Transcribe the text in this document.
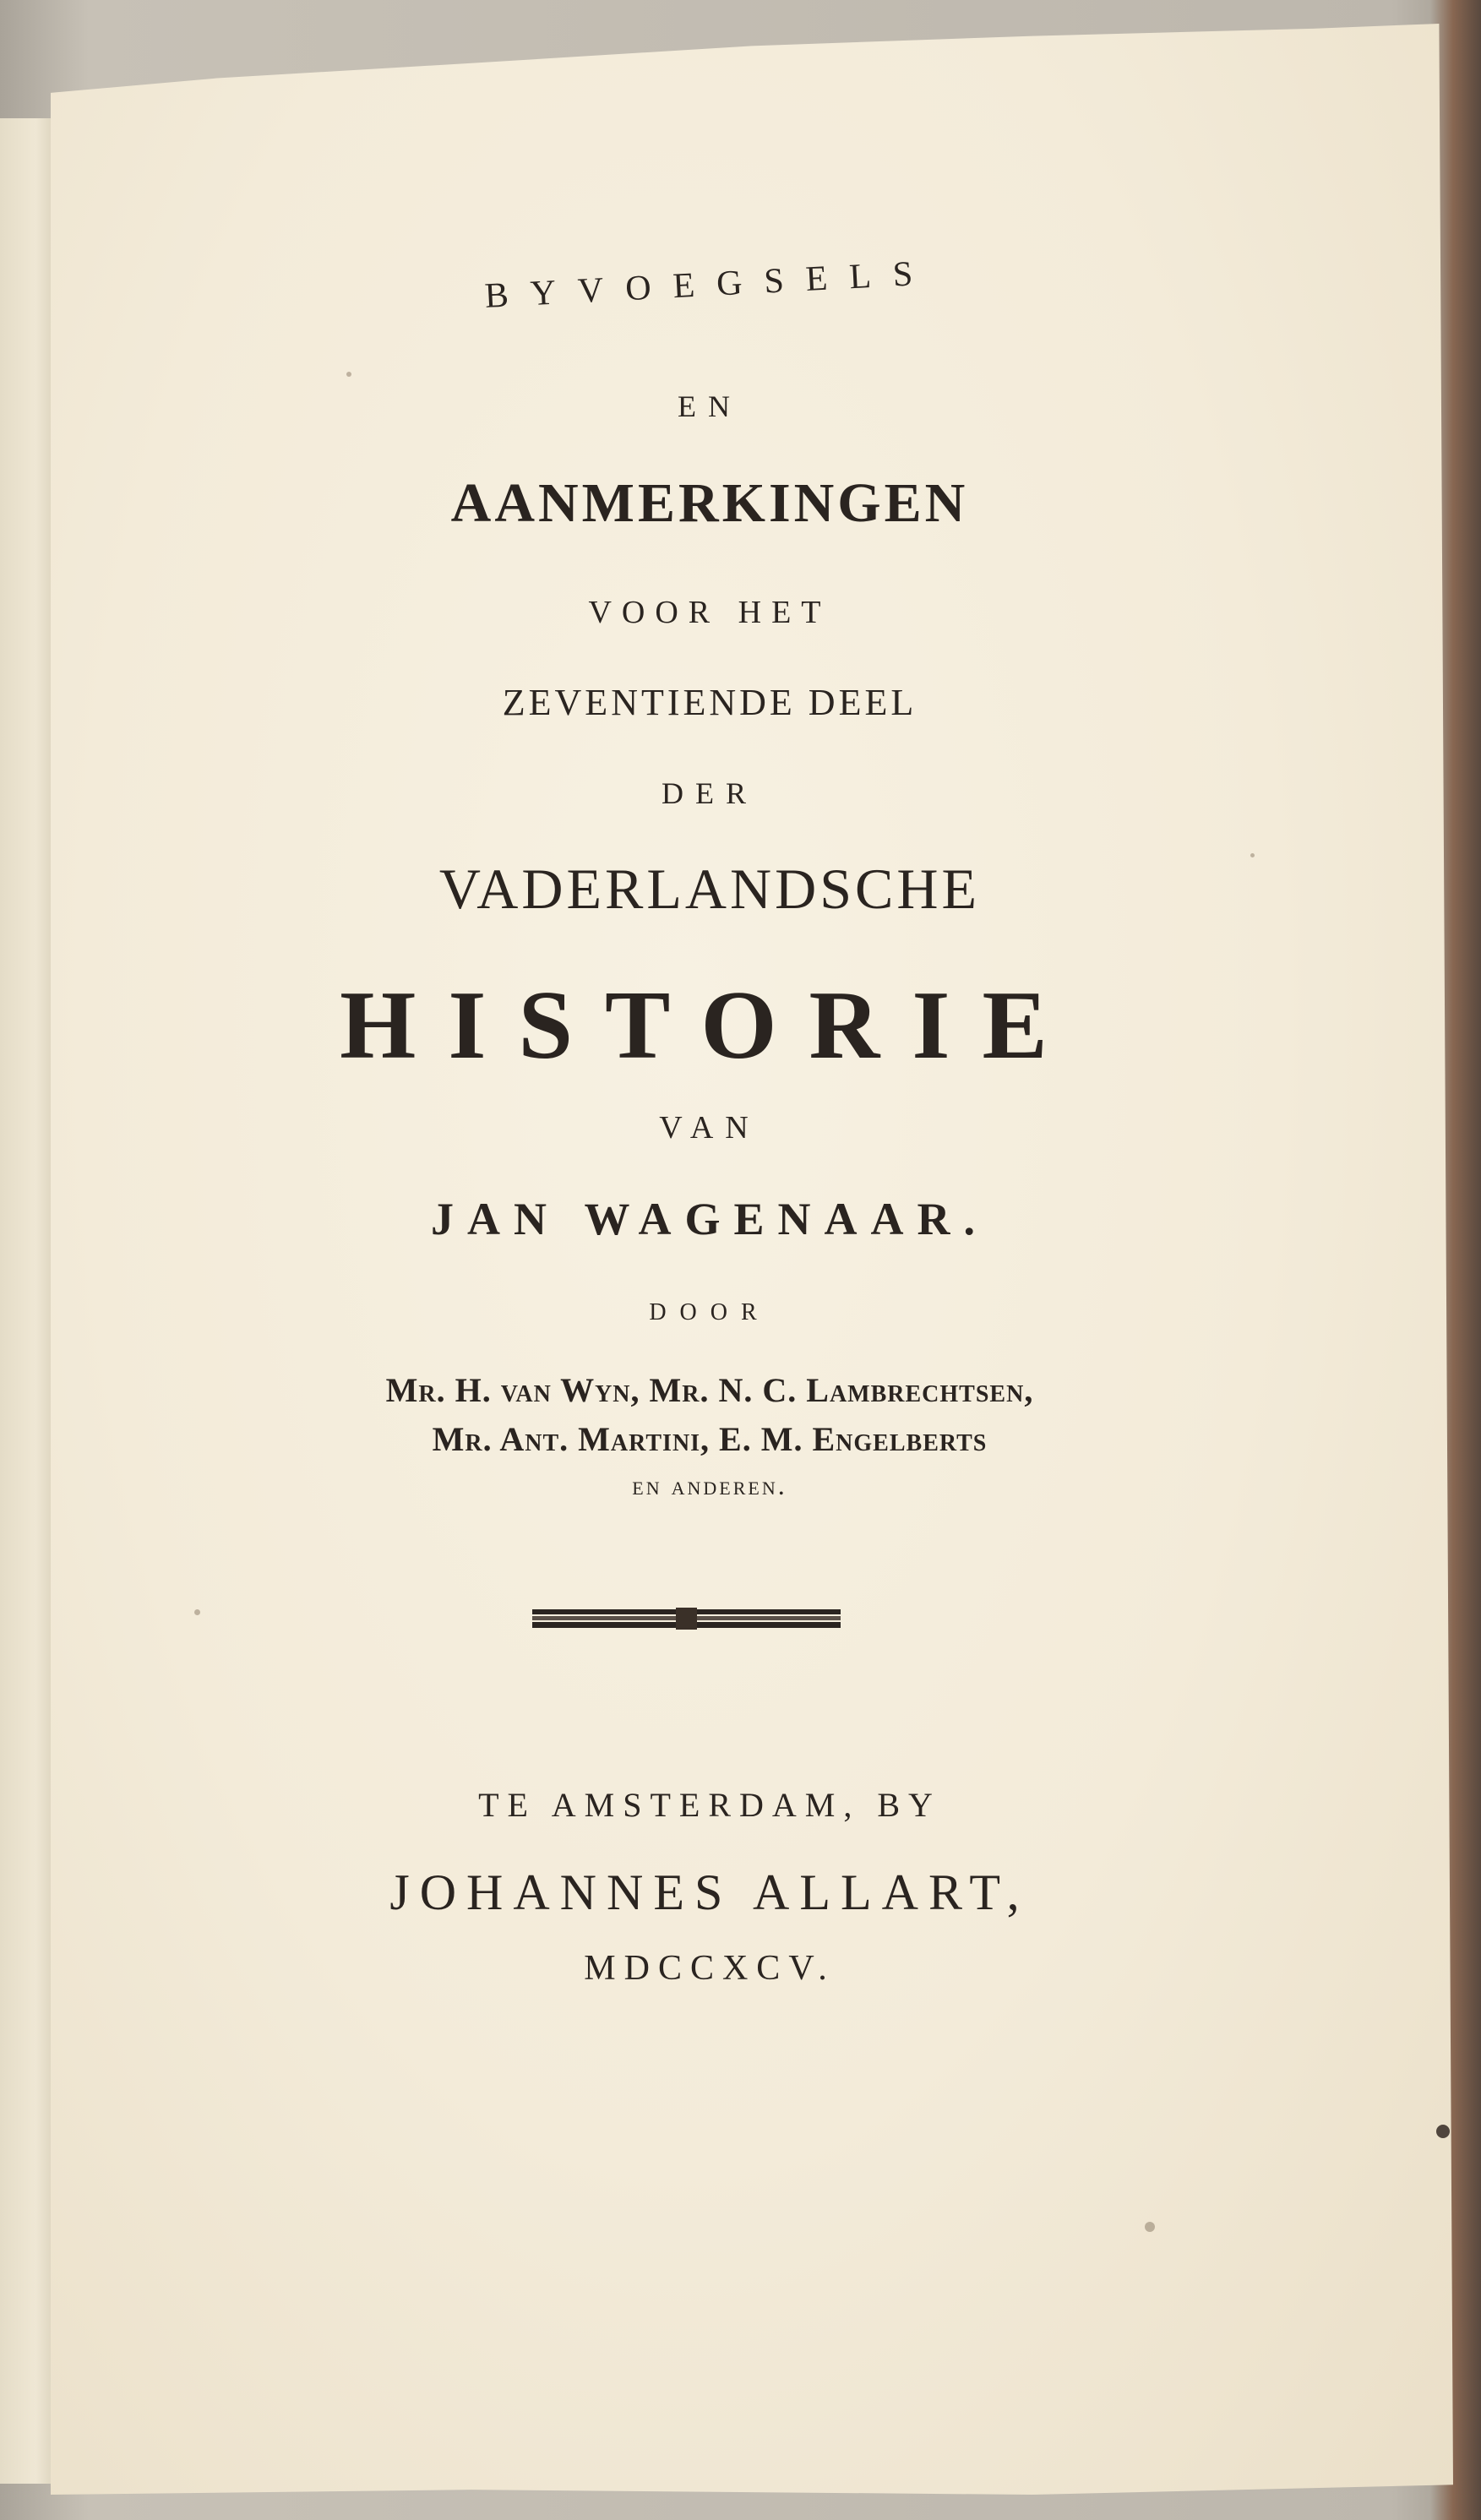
BYVOEGSELS
EN
AANMERKINGEN
VOOR HET
ZEVENTIENDE DEEL
DER
VADERLANDSCHE
HISTORIE
VAN
JAN WAGENAAR.
DOOR
Mr. H. van Wyn, Mr. N. C. Lambrechtsen,
Mr. Ant. Martini, E. M. Engelberts
en anderen.
TE AMSTERDAM, BY
JOHANNES ALLART,
MDCCXCV.
